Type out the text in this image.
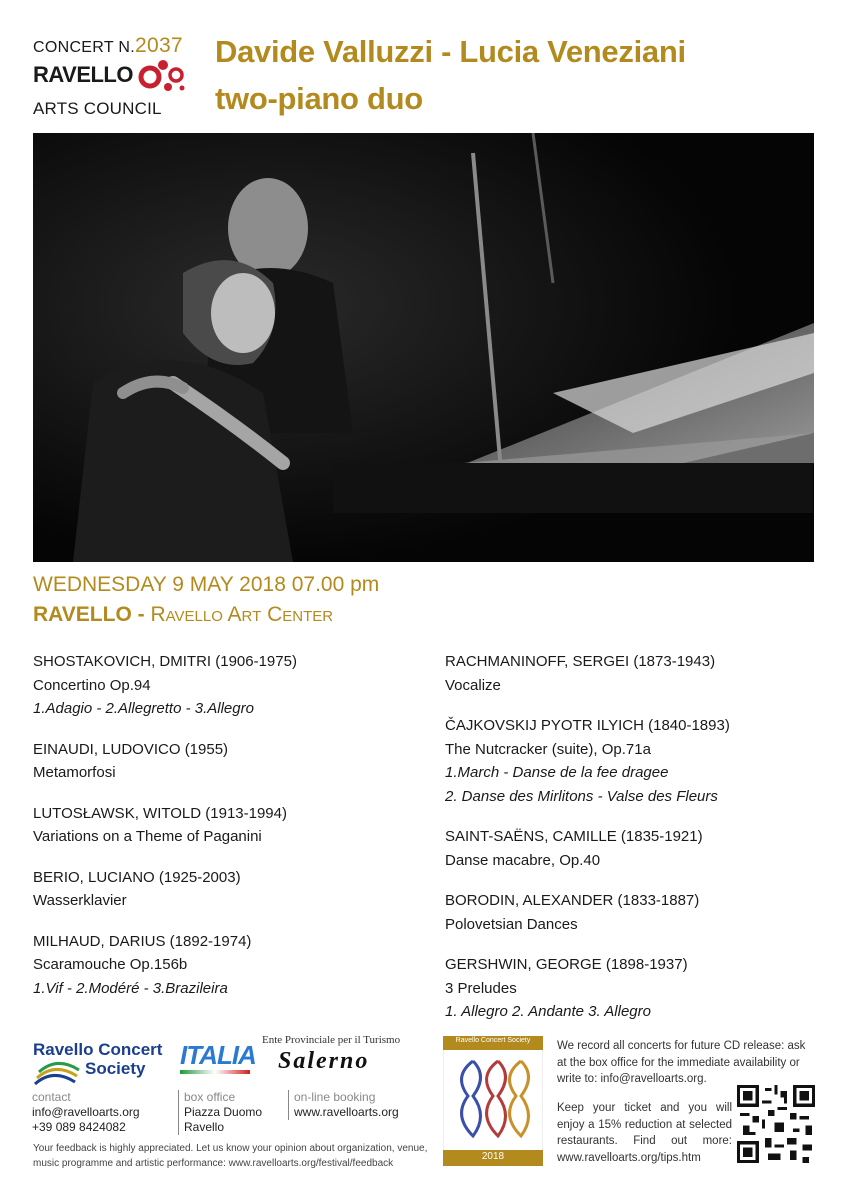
CONCERT N.2037
RAVELLO
ARTS COUNCIL
Davide Valluzzi - Lucia Veneziani
two-piano duo
WEDNESDAY 9 MAY 2018 07.00 pm
RAVELLO - Ravello Art Center
SHOSTAKOVICH, DMITRI (1906-1975)
Concertino Op.94
1.Adagio - 2.Allegretto - 3.Allegro
EINAUDI, LUDOVICO (1955)
Metamorfosi
LUTOSŁAWSK, WITOLD (1913-1994)
Variations on a Theme of Paganini
BERIO, LUCIANO (1925-2003)
Wasserklavier
MILHAUD, DARIUS (1892-1974)
Scaramouche Op.156b
1.Vif - 2.Modéré - 3.Brazileira
RACHMANINOFF, SERGEI (1873-1943)
Vocalize
ČAJKOVSKIJ PYOTR ILYICH (1840-1893)
The Nutcracker (suite), Op.71a
1.March - Danse de la fee dragee
2. Danse des Mirlitons - Valse des Fleurs
SAINT-SAËNS, CAMILLE (1835-1921)
Danse macabre, Op.40
BORODIN, ALEXANDER (1833-1887)
Polovetsian Dances
GERSHWIN, GEORGE (1898-1937)
3 Preludes
1. Allegro 2. Andante 3. Allegro
Ravello Concert
Society	ITALIA Ente Provinciale per il Turismo
Salerno
contact
info@ravelloarts.org
+39 089 8424082
box office
Piazza Duomo
Ravello
on-line booking
www.ravelloarts.org
Your feedback is highly appreciated. Let us know your opinion about organization, venue, music programme and artistic performance: www.ravelloarts.org/festival/feedback
Ravello Concert Society
2018
We record all concerts for future CD release: ask at the box office for the immediate availability or write to: info@ravelloarts.org.
Keep your ticket and you will enjoy a 15% reduction at selected restaurants. Find out more: www.ravelloarts.org/tips.htm
